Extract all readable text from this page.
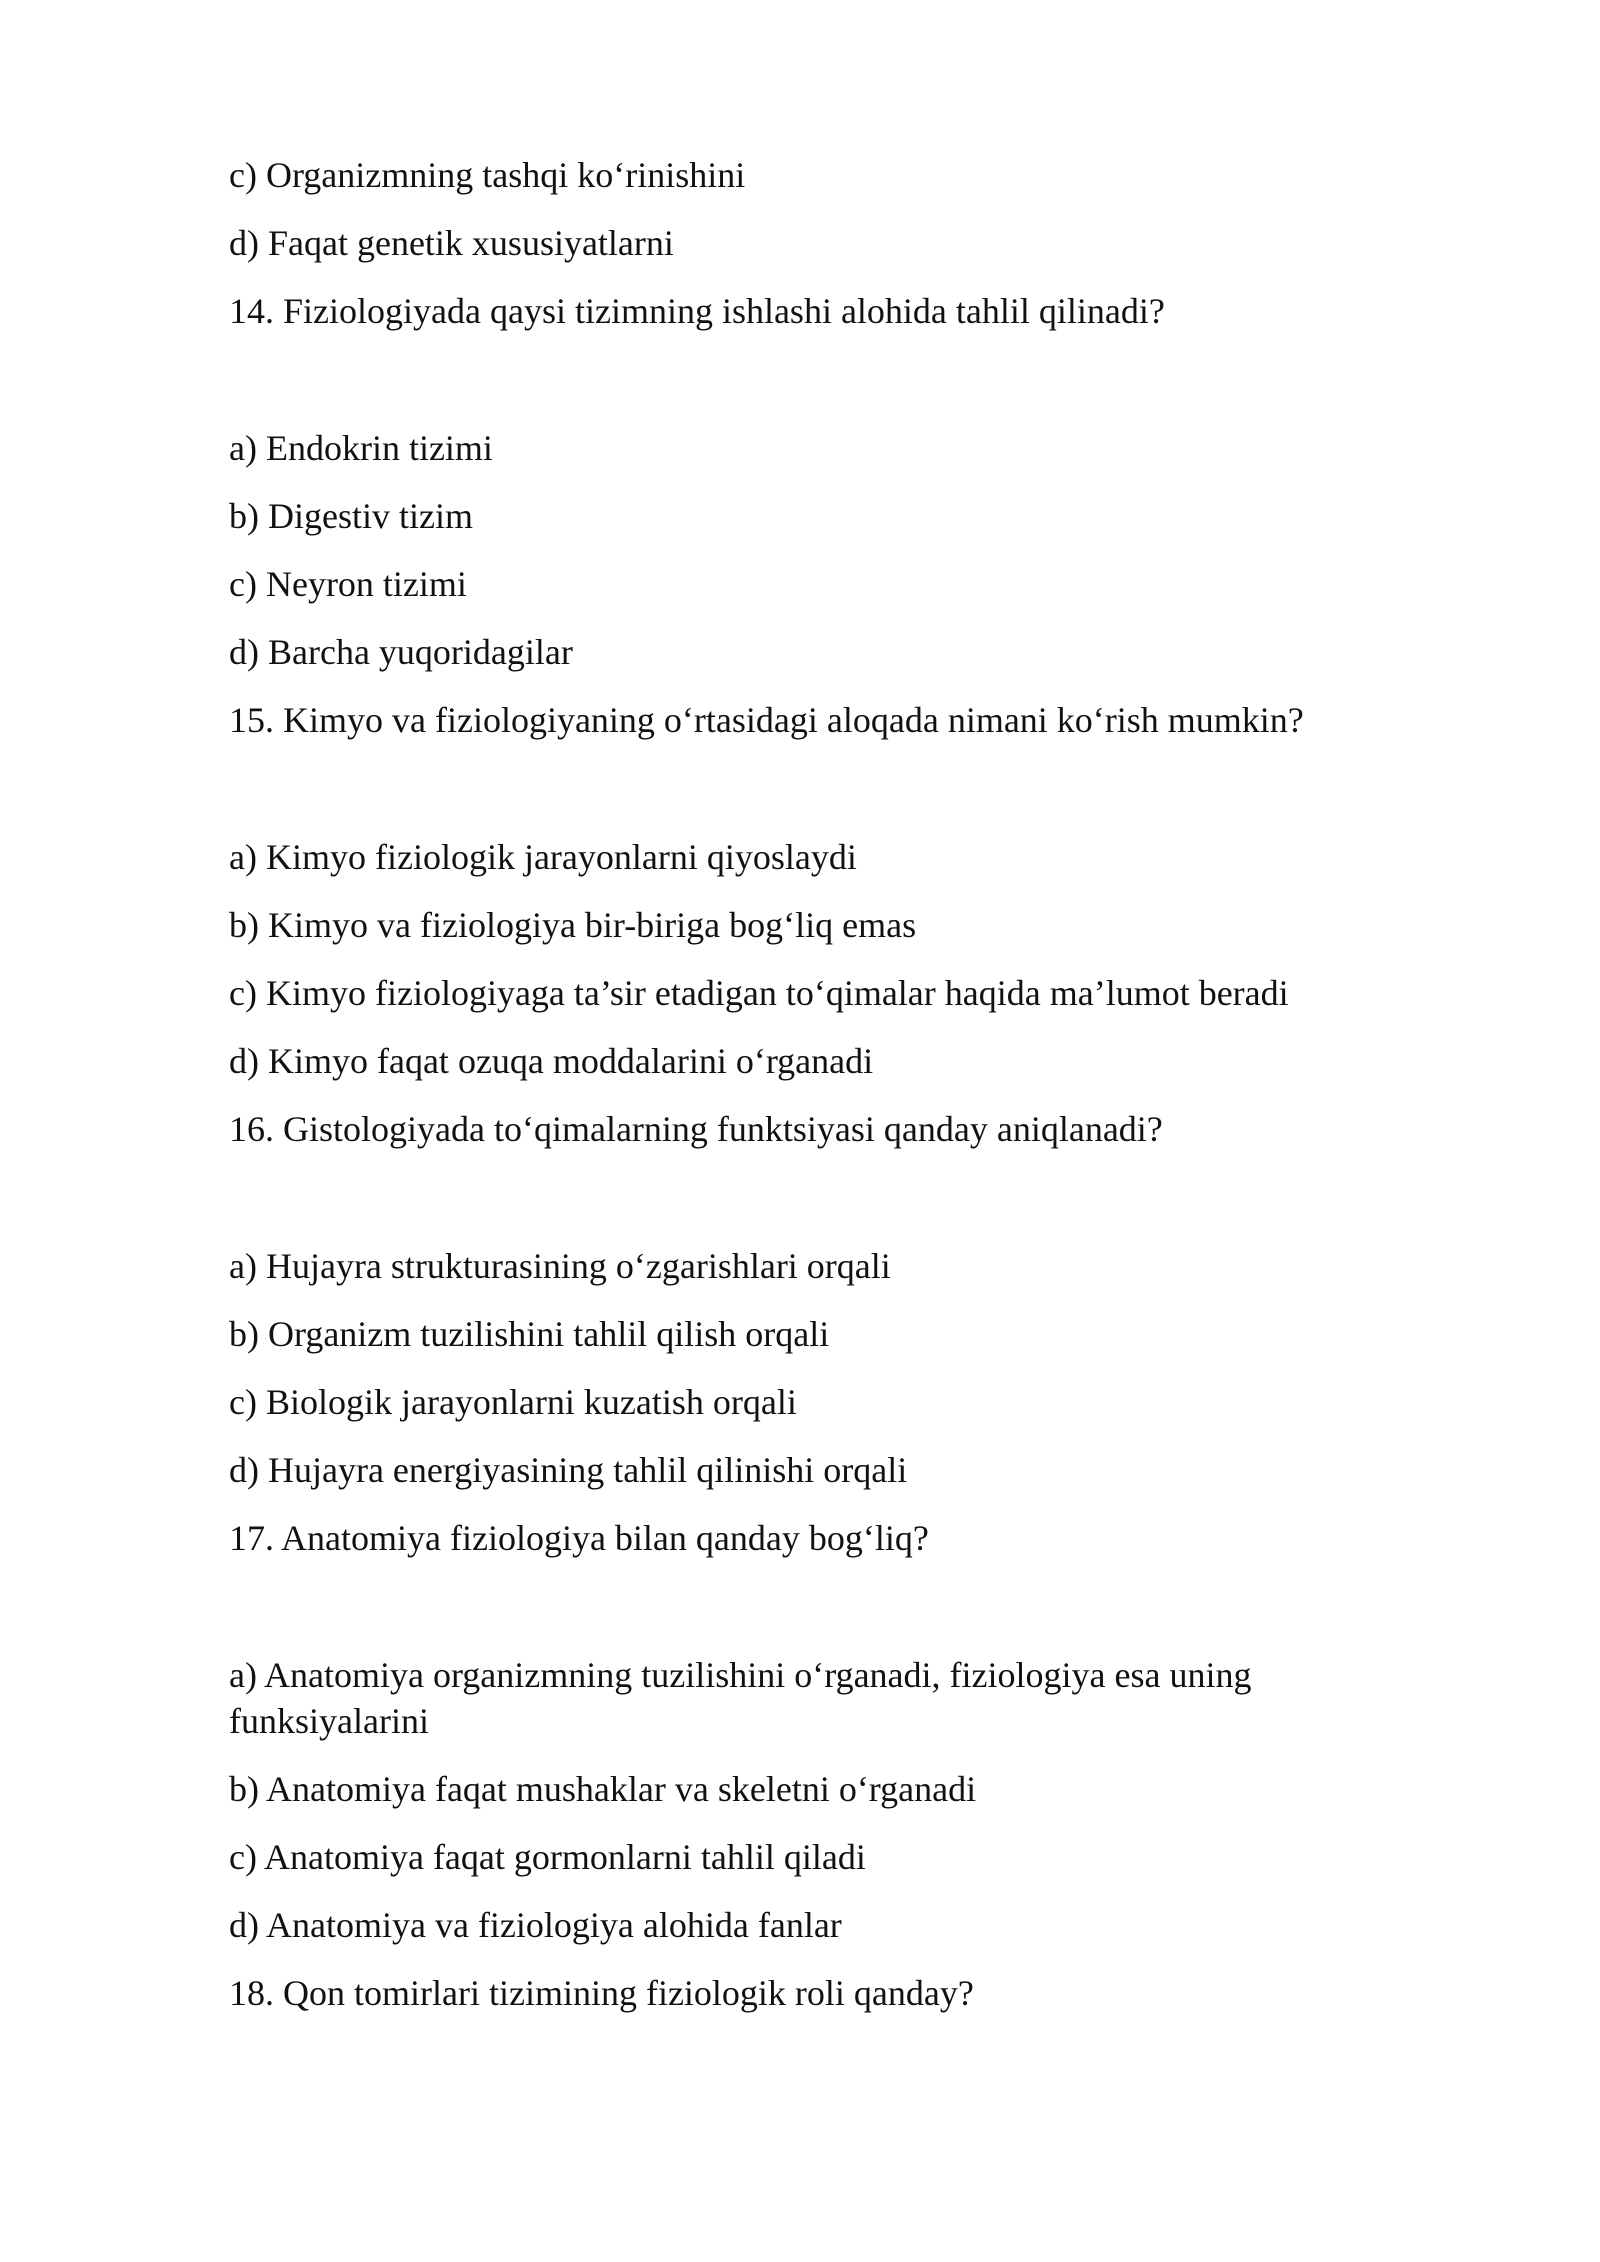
c) Organizmning tashqi ko‘rinishini
d) Faqat genetik xususiyatlarni
14. Fiziologiyada qaysi tizimning ishlashi alohida tahlil qilinadi?
a) Endokrin tizimi
b) Digestiv tizim
c) Neyron tizimi
d) Barcha yuqoridagilar
15. Kimyo va fiziologiyaning o‘rtasidagi aloqada nimani ko‘rish mumkin?
a) Kimyo fiziologik jarayonlarni qiyoslaydi
b) Kimyo va fiziologiya bir-biriga bog‘liq emas
c) Kimyo fiziologiyaga ta’sir etadigan to‘qimalar haqida ma’lumot beradi
d) Kimyo faqat ozuqa moddalarini o‘rganadi
16. Gistologiyada to‘qimalarning funktsiyasi qanday aniqlanadi?
a) Hujayra strukturasining o‘zgarishlari orqali
b) Organizm tuzilishini tahlil qilish orqali
c) Biologik jarayonlarni kuzatish orqali
d) Hujayra energiyasining tahlil qilinishi orqali
17. Anatomiya fiziologiya bilan qanday bog‘liq?
a) Anatomiya organizmning tuzilishini o‘rganadi, fiziologiya esa uning funksiyalarini
b) Anatomiya faqat mushaklar va skeletni o‘rganadi
c) Anatomiya faqat gormonlarni tahlil qiladi
d) Anatomiya va fiziologiya alohida fanlar
18. Qon tomirlari tizimining fiziologik roli qanday?
